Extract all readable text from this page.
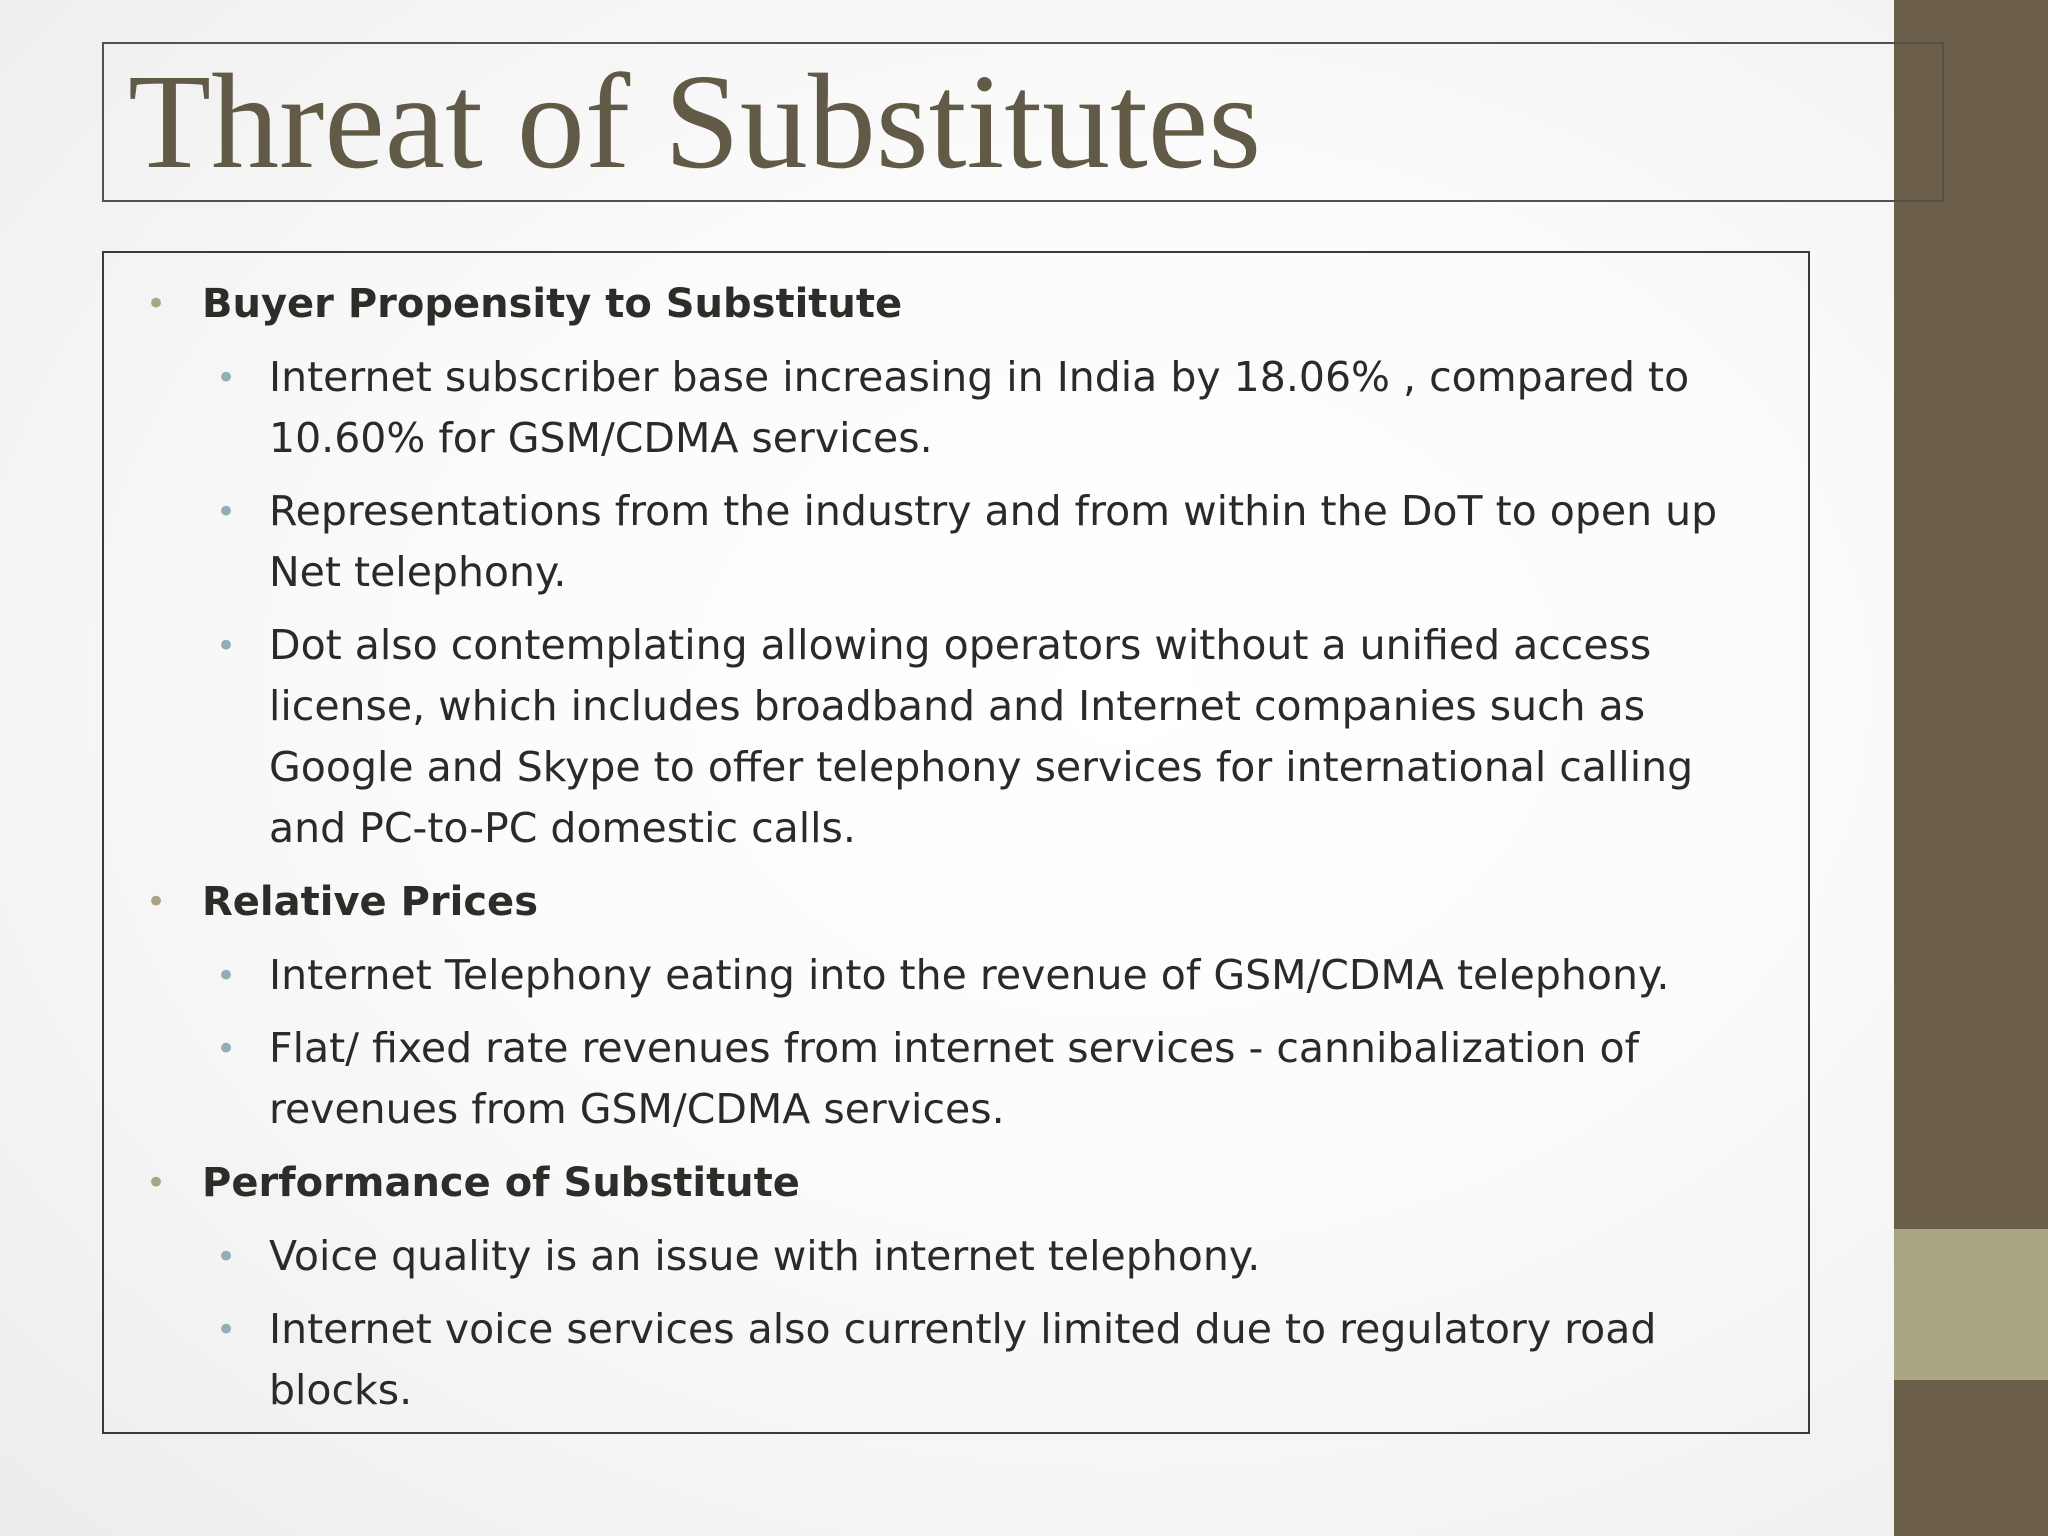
Threat of Substitutes
• Buyer Propensity to Substitute
• Internet subscriber base increasing in India by 18.06% , compared to 10.60% for GSM/CDMA services.
• Representations from the industry and from within the DoT to open up Net telephony.
• Dot also contemplating allowing operators without a unified access license, which includes broadband and Internet companies such as Google and Skype to offer telephony services for international calling and PC-to-PC domestic calls.
• Relative Prices
• Internet Telephony eating into the revenue of GSM/CDMA telephony.
• Flat/ fixed rate revenues from internet services - cannibalization of revenues from GSM/CDMA services.
• Performance of Substitute
• Voice quality is an issue with internet telephony.
• Internet voice services also currently limited due to regulatory road blocks.
